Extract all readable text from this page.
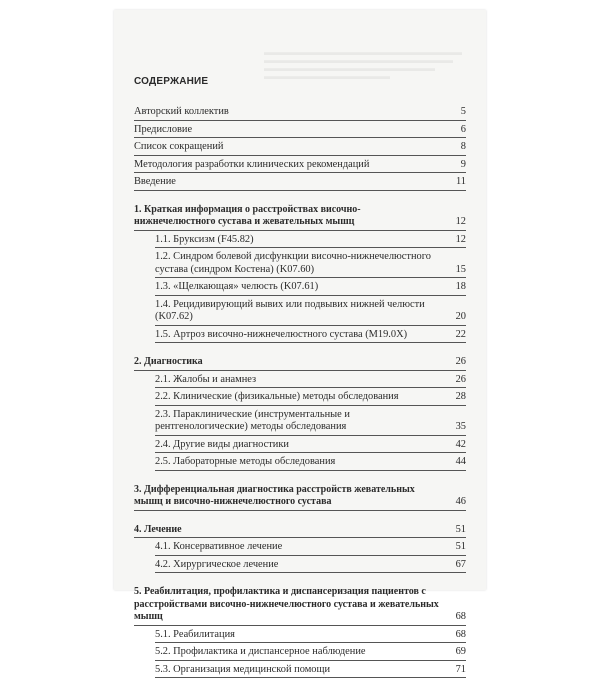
▬▬▬▬▬▬▬▬▬▬▬▬▬▬▬▬▬▬▬▬▬▬
▬▬▬▬▬▬▬▬▬▬▬▬▬▬▬▬▬▬▬▬▬
▬▬▬▬▬▬▬▬▬▬▬▬▬▬▬▬▬▬▬
▬▬▬▬▬▬▬▬▬▬▬▬▬▬
СОДЕРЖАНИЕ
Авторский коллектив	5
Предисловие	6
Список сокращений	8
Методология разработки клинических рекомендаций	9
Введение	11
1. Краткая информация о расстройствах височно-нижнечелюстного сустава и жевательных мышц	12
1.1. Бруксизм (F45.82)	12
1.2. Синдром болевой дисфункции височно-нижнечелюстного сустава (синдром Костена) (K07.60)	15
1.3. «Щелкающая» челюсть (K07.61)	18
1.4. Рецидивирующий вывих или подвывих нижней челюсти (K07.62)	20
1.5. Артроз височно-нижнечелюстного сустава (M19.0X)	22
2. Диагностика	26
2.1. Жалобы и анамнез	26
2.2. Клинические (физикальные) методы обследования	28
2.3. Параклинические (инструментальные и рентгенологические) методы обследования	35
2.4. Другие виды диагностики	42
2.5. Лабораторные методы обследования	44
3. Дифференциальная диагностика расстройств жевательных мышц и височно-нижнечелюстного сустава	46
4. Лечение	51
4.1. Консервативное лечение	51
4.2. Хирургическое лечение	67
5. Реабилитация, профилактика и диспансеризация пациентов с расстройствами височно-нижнечелюстного сустава и жевательных мышц	68
5.1. Реабилитация	68
5.2. Профилактика и диспансерное наблюдение	69
5.3. Организация медицинской помощи	71
